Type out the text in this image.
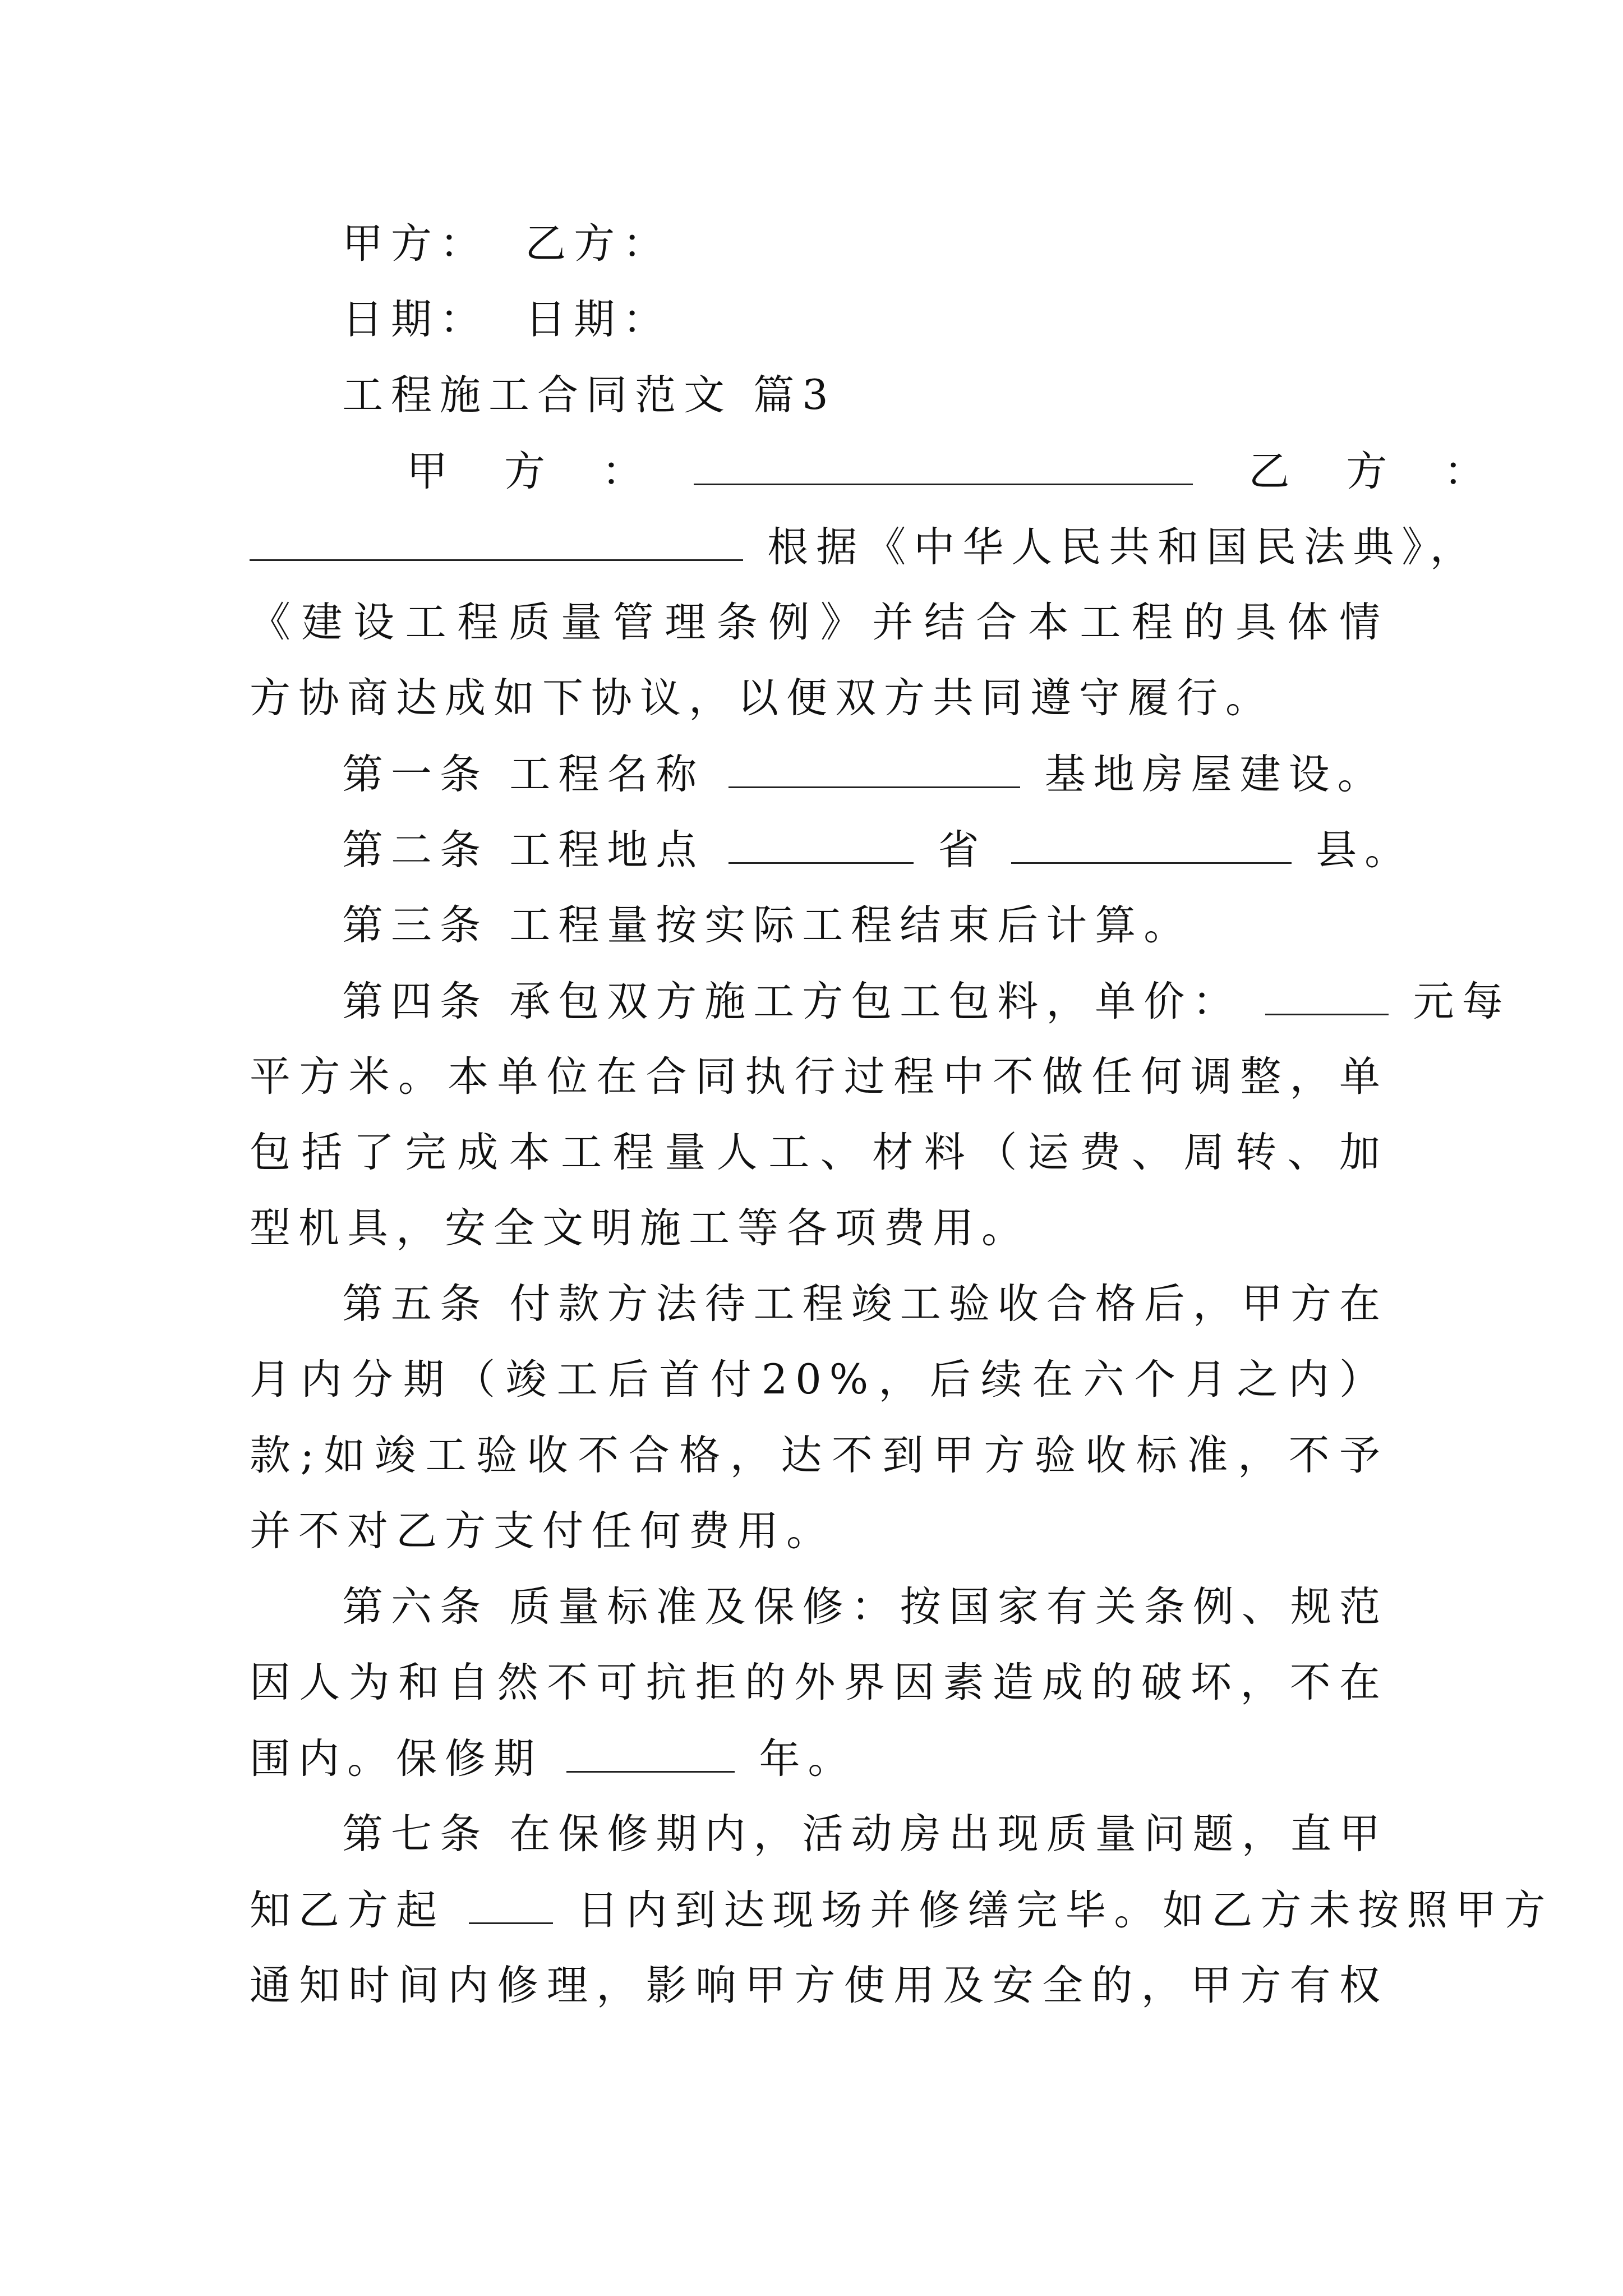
甲方： 乙方：
日期： 日期：
工程施工合同范文 篇3
甲　方　：	乙　方　：
根据《中华人民共和国民法典》，
《建设工程质量管理条例》并结合本工程的具体情
方协商达成如下协议，以便双方共同遵守履行。
第一条 工程名称	基地房屋建设。
第二条 工程地点	省	县。
第三条 工程量按实际工程结束后计算。
第四条 承包双方施工方包工包料，单价：	元每
平方米。本单位在合同执行过程中不做任何调整，单
包括了完成本工程量人工、材料（运费、周转、加
型机具，安全文明施工等各项费用。
第五条 付款方法待工程竣工验收合格后，甲方在
月内分期（竣工后首付20%，后续在六个月之内）
款;如竣工验收不合格，达不到甲方验收标准，不予
并不对乙方支付任何费用。
第六条 质量标准及保修：按国家有关条例、规范
因人为和自然不可抗拒的外界因素造成的破坏，不在
围内。保修期	年。
第七条 在保修期内，活动房出现质量问题，直甲
知乙方起	日内到达现场并修缮完毕。如乙方未按照甲方
通知时间内修理，影响甲方使用及安全的，甲方有权
